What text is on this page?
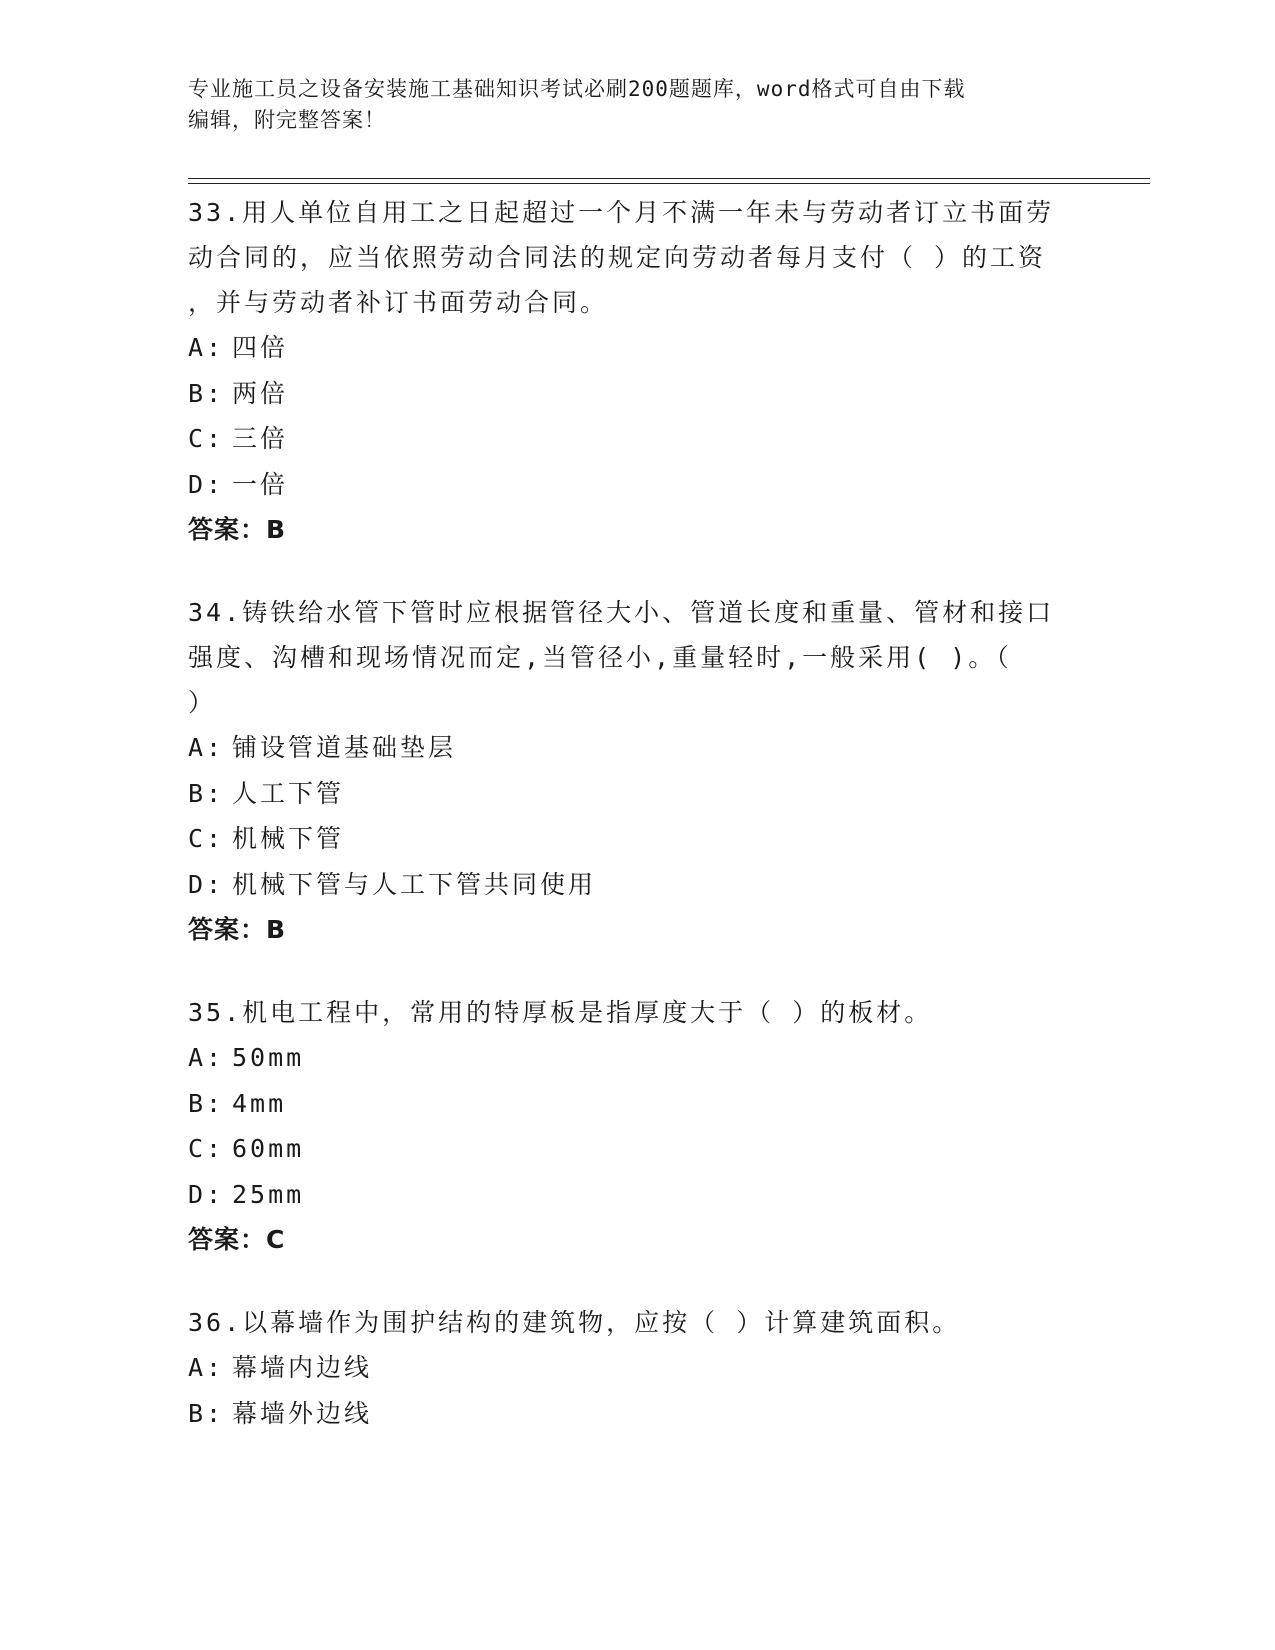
专业施工员之设备安装施工基础知识考试必刷200题题库，word格式可自由下载
编辑，附完整答案！
33.用人单位自用工之日起超过一个月不满一年未与劳动者订立书面劳
动合同的，应当依照劳动合同法的规定向劳动者每月支付（ ）的工资
，并与劳动者补订书面劳动合同。
A: 四倍
B: 两倍
C: 三倍
D: 一倍
答案：B
34.铸铁给水管下管时应根据管径大小、管道长度和重量、管材和接口
强度、沟槽和现场情况而定,当管径小,重量轻时,一般采用( )。（
）
A: 铺设管道基础垫层
B: 人工下管
C: 机械下管
D: 机械下管与人工下管共同使用
答案：B
35.机电工程中，常用的特厚板是指厚度大于（ ）的板材。
A: 50mm
B: 4mm
C: 60mm
D: 25mm
答案：C
36.以幕墙作为围护结构的建筑物，应按（ ）计算建筑面积。
A: 幕墙内边线
B: 幕墙外边线
